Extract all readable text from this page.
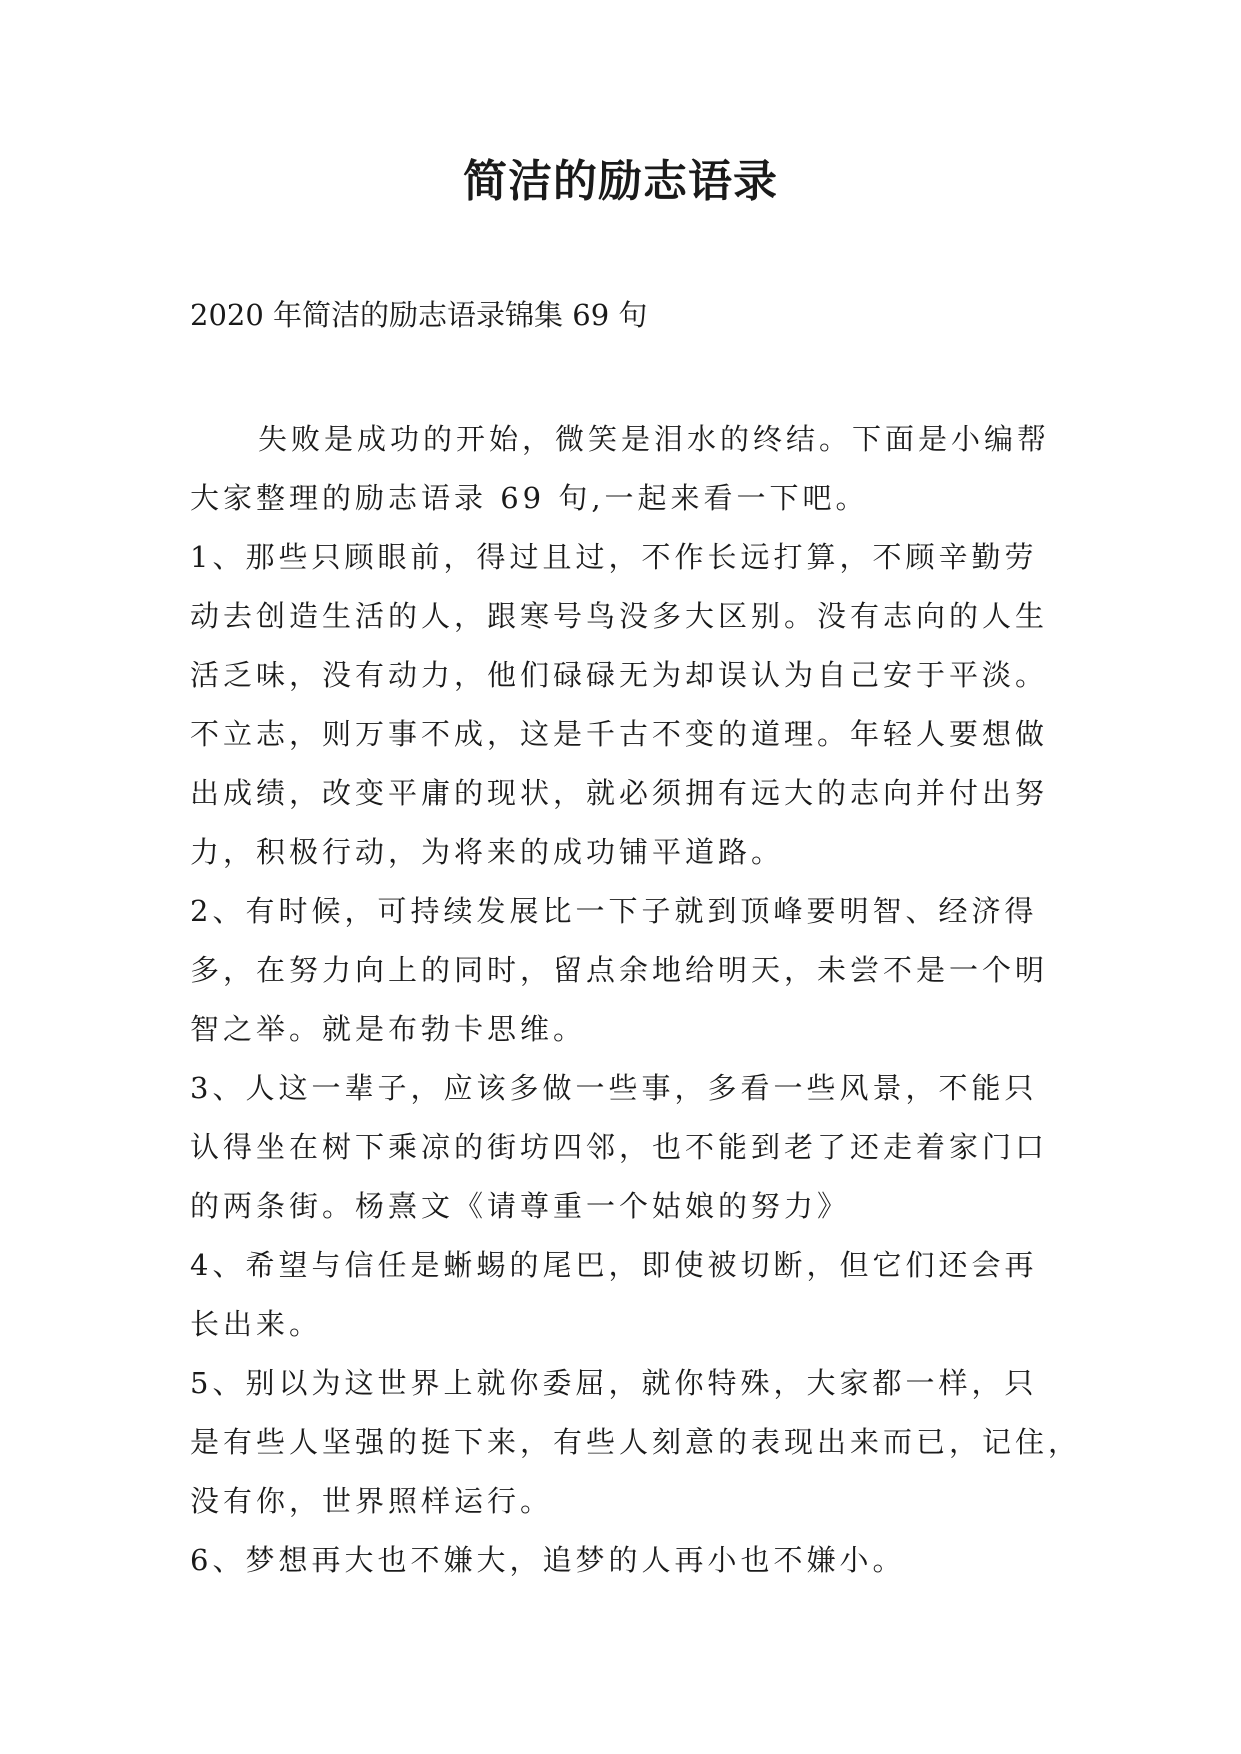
简洁的励志语录
2020 年简洁的励志语录锦集 69 句

失败是成功的开始，微笑是泪水的终结。下面是小编帮
大家整理的励志语录 69 句,一起来看一下吧。

1、那些只顾眼前，得过且过，不作长远打算，不顾辛勤劳
动去创造生活的人，跟寒号鸟没多大区别。没有志向的人生
活乏味，没有动力，他们碌碌无为却误认为自己安于平淡。
不立志，则万事不成，这是千古不变的道理。年轻人要想做
出成绩，改变平庸的现状，就必须拥有远大的志向并付出努
力，积极行动，为将来的成功铺平道路。

2、有时候，可持续发展比一下子就到顶峰要明智、经济得
多，在努力向上的同时，留点余地给明天，未尝不是一个明
智之举。就是布勃卡思维。

3、人这一辈子，应该多做一些事，多看一些风景，不能只
认得坐在树下乘凉的街坊四邻，也不能到老了还走着家门口
的两条街。杨熹文《请尊重一个姑娘的努力》

4、希望与信任是蜥蜴的尾巴，即使被切断，但它们还会再
长出来。

5、别以为这世界上就你委屈，就你特殊，大家都一样，只
是有些人坚强的挺下来，有些人刻意的表现出来而已，记住，
没有你，世界照样运行。

6、梦想再大也不嫌大，追梦的人再小也不嫌小。
